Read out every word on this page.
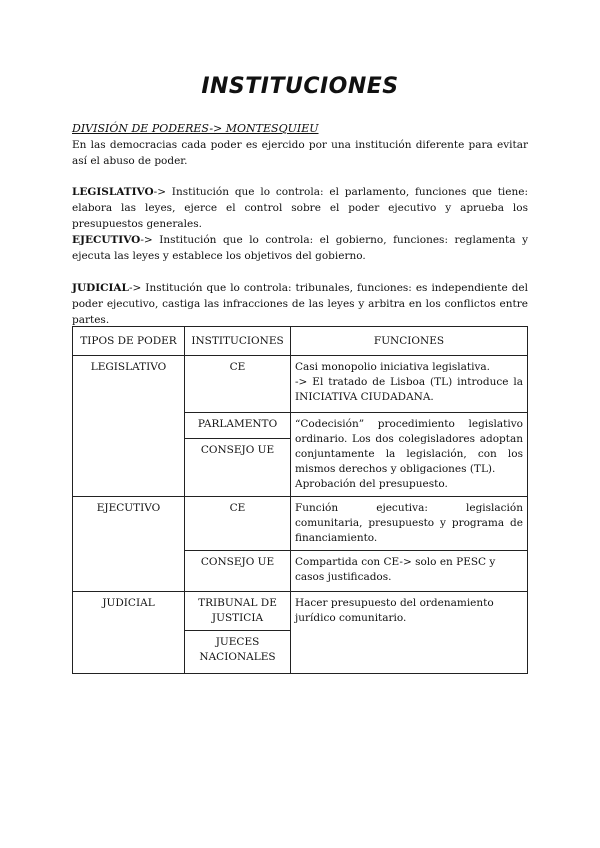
INSTITUCIONES
DIVISIÓN DE PODERES-> MONTESQUIEU
En las democracias cada poder es ejercido por una institución diferente para evitar así el abuso de poder.
LEGISLATIVO-> Institución que lo controla: el parlamento, funciones que tiene: elabora las leyes, ejerce el control sobre el poder ejecutivo y aprueba los presupuestos generales.
EJECUTIVO-> Institución que lo controla: el gobierno, funciones: reglamenta y ejecuta las leyes y establece los objetivos del gobierno.
JUDICIAL-> Institución que lo controla: tribunales, funciones: es independiente del poder ejecutivo, castiga las infracciones de las leyes y arbitra en los conflictos entre partes.
TIPOS DE PODER	INSTITUCIONES	FUNCIONES
LEGISLATIVO	CE	Casi monopolio iniciativa legislativa.
-> El tratado de Lisboa (TL) introduce la INICIATIVA CIUDADANA.

	PARLAMENTO	“Codecisión” procedimiento legislativo ordinario. Los dos colegisladores adoptan conjuntamente la legislación, con los mismos derechos y obligaciones (TL).
Aprobación del presupuesto.

	CONSEJO UE	
EJECUTIVO	CE	Función ejecutiva: legislación comunitaria, presupuesto y programa de financiamiento.
	CONSEJO UE	Compartida con CE-> solo en PESC y casos justificados.
JUDICIAL	TRIBUNAL DE JUSTICIA	Hacer presupuesto del ordenamiento jurídico comunitario.
	JUECES NACIONALES	
